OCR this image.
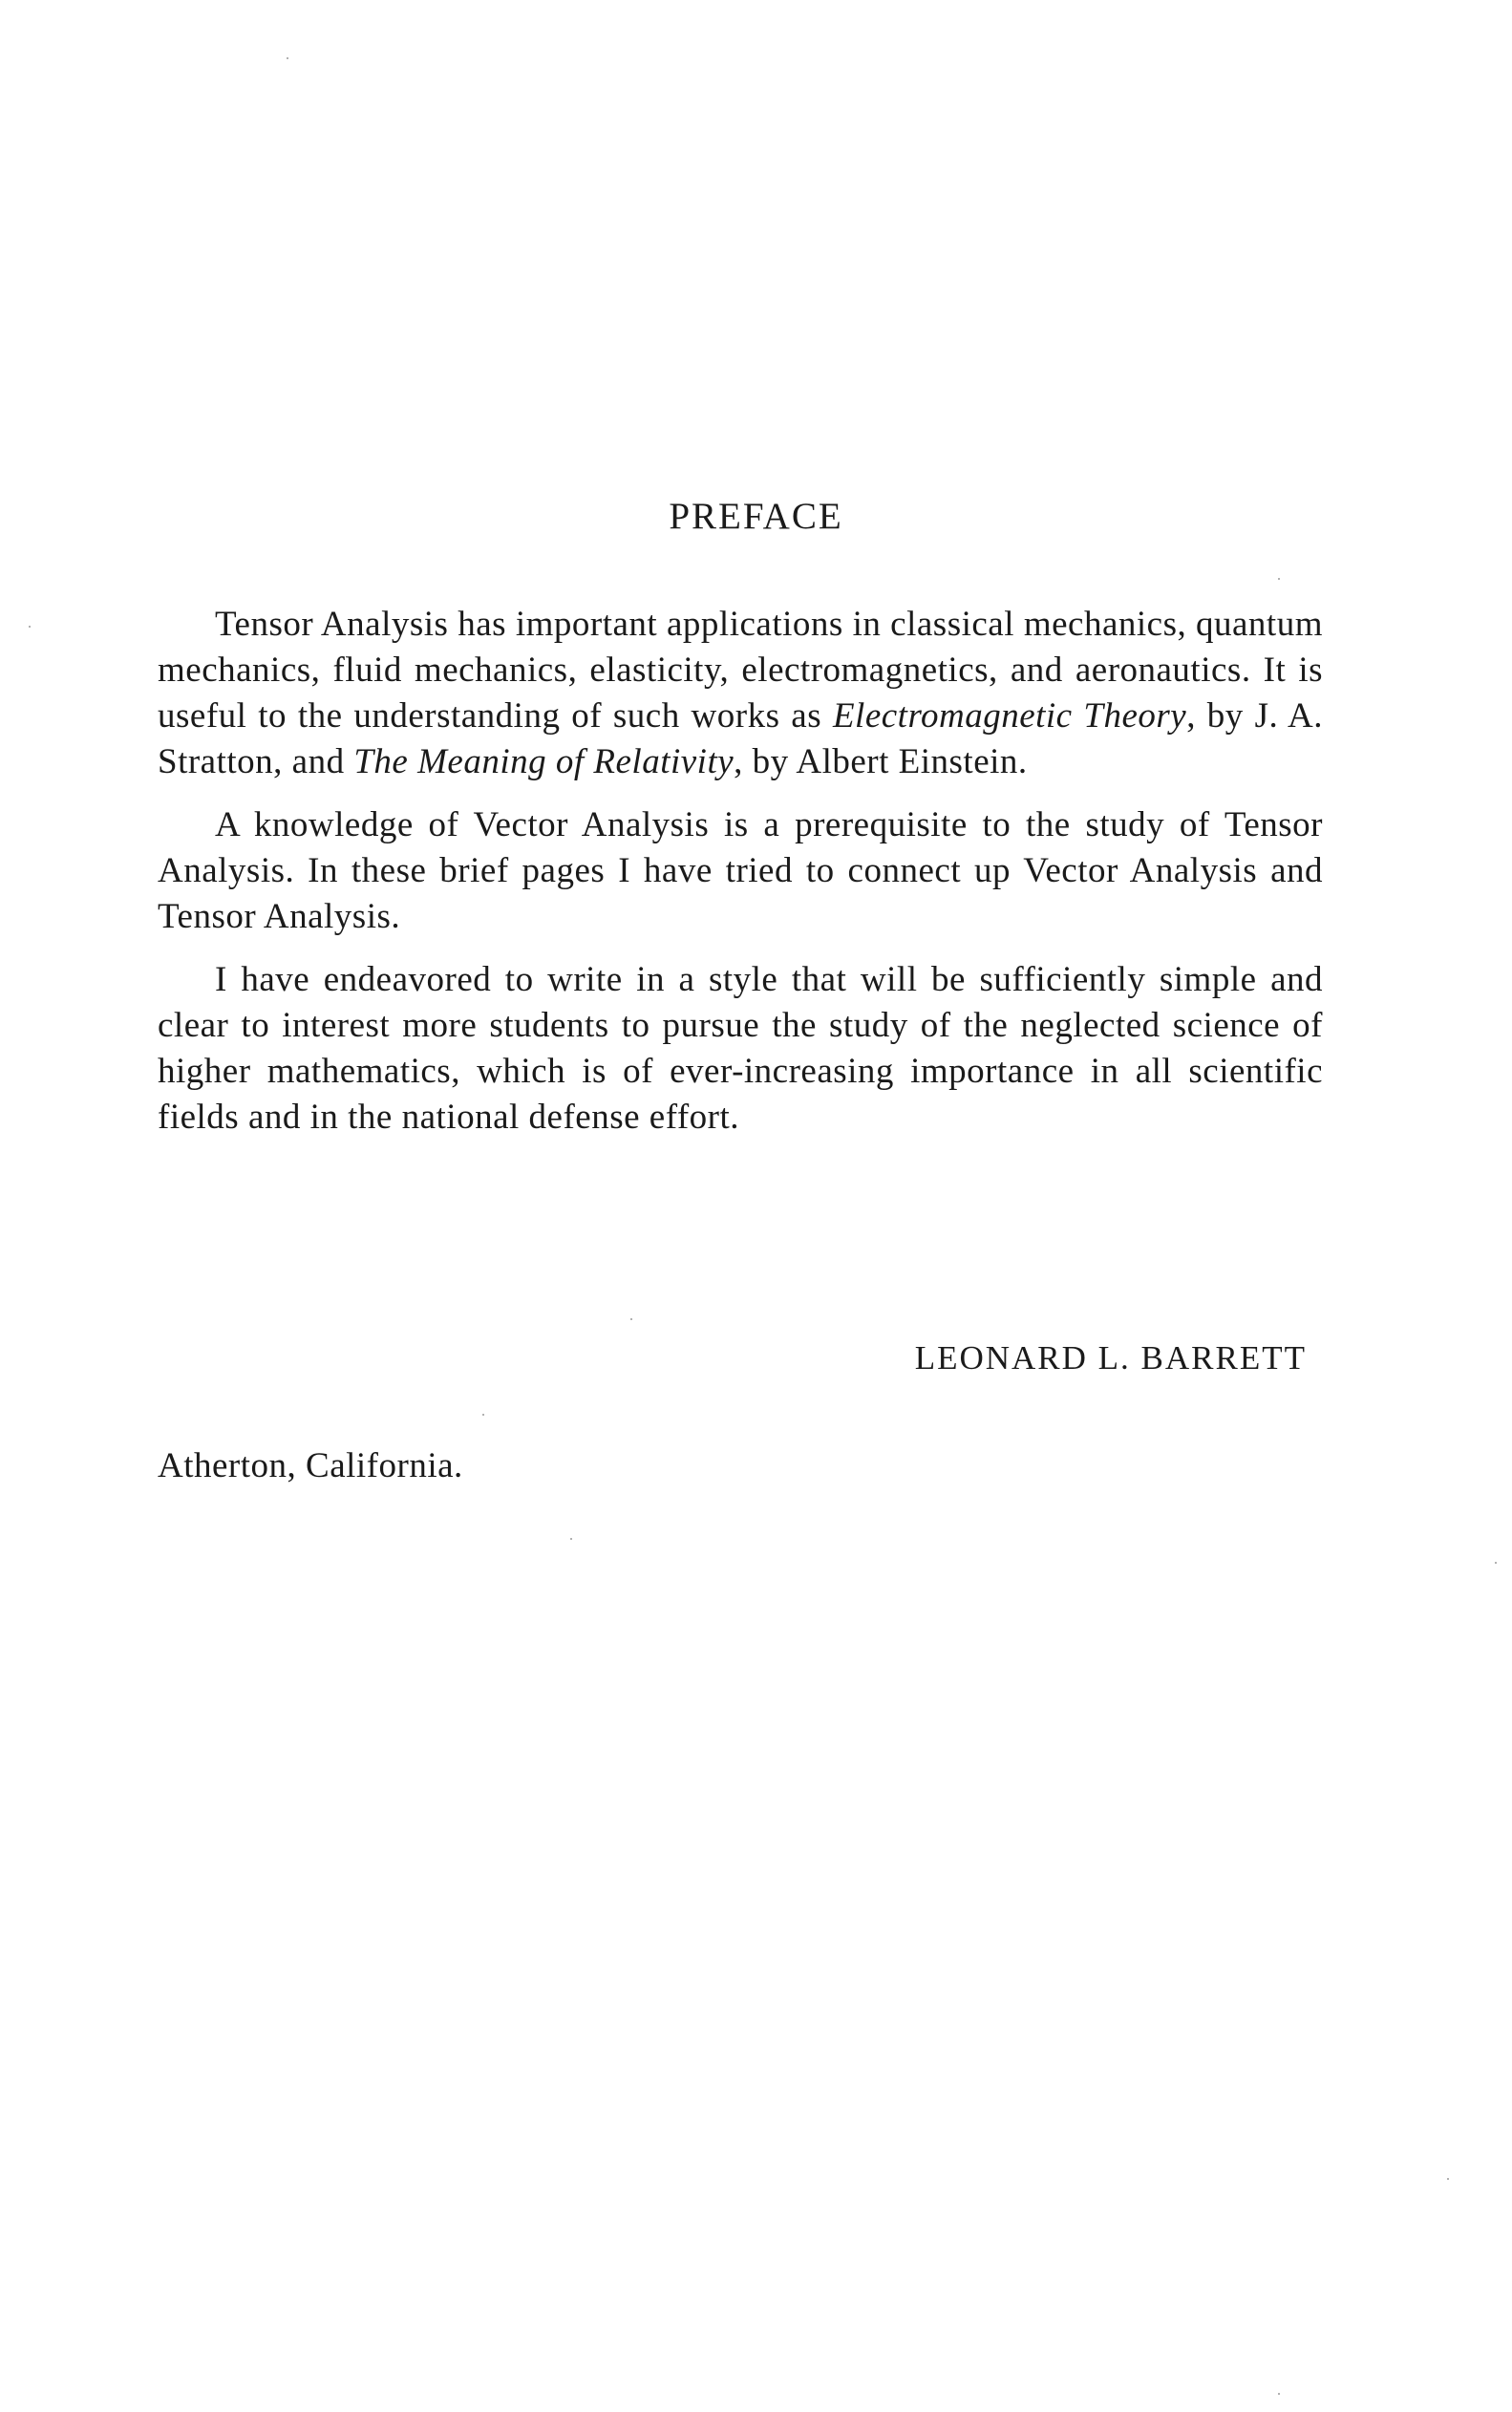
PREFACE

Tensor Analysis has important applications in classical mechanics, quantum mechanics, fluid mechanics, elasticity, electromagnetics, and aeronautics. It is useful to the understanding of such works as Electromagnetic Theory, by J. A. Stratton, and The Meaning of Relativity, by Albert Einstein.

A knowledge of Vector Analysis is a prerequisite to the study of Tensor Analysis. In these brief pages I have tried to connect up Vector Analysis and Tensor Analysis.

I have endeavored to write in a style that will be sufficiently simple and clear to interest more students to pursue the study of the neglected science of higher mathematics, which is of ever-increasing importance in all scientific fields and in the national defense effort.

LEONARD L. BARRETT
Atherton, California.
